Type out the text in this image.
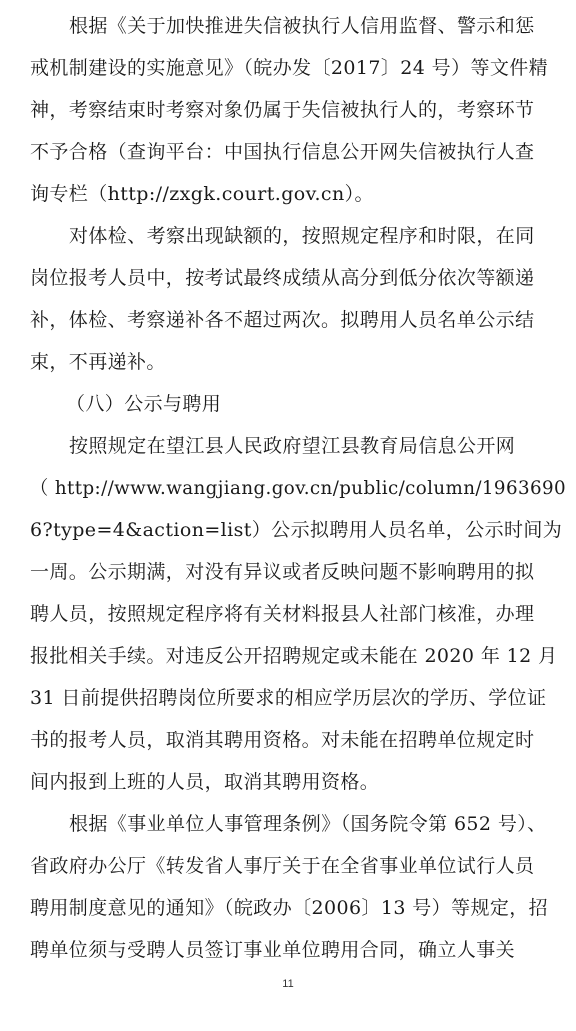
根据《关于加快推进失信被执行人信用监督、警示和惩
戒机制建设的实施意见》（皖办发〔2017〕24 号）等文件精
神，考察结束时考察对象仍属于失信被执行人的，考察环节
不予合格（查询平台：中国执行信息公开网失信被执行人查
询专栏（http://zxgk.court.gov.cn）。
对体检、考察出现缺额的，按照规定程序和时限，在同
岗位报考人员中，按考试最终成绩从高分到低分依次等额递
补，体检、考察递补各不超过两次。拟聘用人员名单公示结
束，不再递补。
（八）公示与聘用
按照规定在望江县人民政府望江县教育局信息公开网
（ http://www.wangjiang.gov.cn/public/column/1963690
6?type=4&action=list）公示拟聘用人员名单，公示时间为
一周。公示期满，对没有异议或者反映问题不影响聘用的拟
聘人员，按照规定程序将有关材料报县人社部门核准，办理
报批相关手续。对违反公开招聘规定或未能在 2020 年 12 月
31 日前提供招聘岗位所要求的相应学历层次的学历、学位证
书的报考人员，取消其聘用资格。对未能在招聘单位规定时
间内报到上班的人员，取消其聘用资格。
根据《事业单位人事管理条例》（国务院令第 652 号）、
省政府办公厅《转发省人事厅关于在全省事业单位试行人员
聘用制度意见的通知》（皖政办〔2006〕13 号）等规定，招
聘单位须与受聘人员签订事业单位聘用合同，确立人事关
11
